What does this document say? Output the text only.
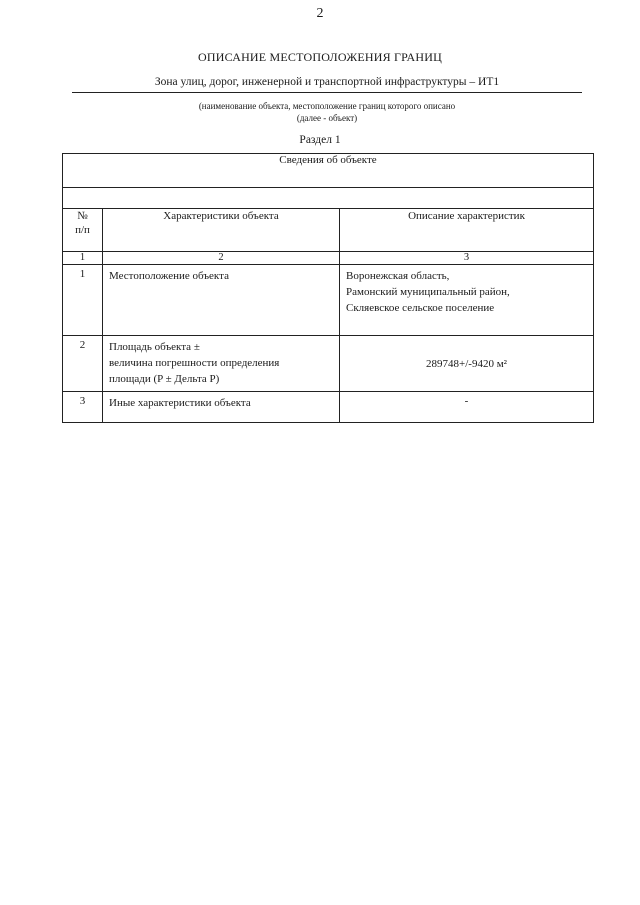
2
ОПИСАНИЕ МЕСТОПОЛОЖЕНИЯ ГРАНИЦ
Зона улиц, дорог, инженерной и транспортной инфраструктуры – ИТ1
(наименование объекта, местоположение границ которого описано
(далее - объект)
Раздел 1
Сведения об объекте		

№
п/п	Характеристики объекта	Описание характеристик
1	2	3
1	Местоположение объекта	Воронежская область,
Рамонский муниципальный район,
Скляевское сельское поселение

2	Площадь объекта ±
величина погрешности определения
площади (P ± Дельта P)	289748+/-9420 м²
3	Иные характеристики объекта	-
